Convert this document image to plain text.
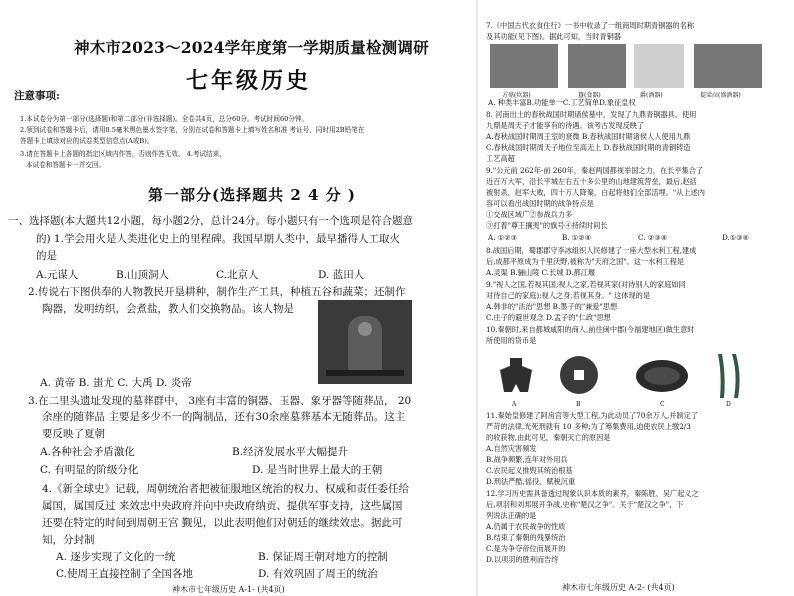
神木市2023～2024学年度第一学期质量检测调研
七年级历史
注意事项:
1.本试卷分为第一部分(选择题)和第二部分(非选择题)。全卷共4页，总分60分。考试时间60分钟。
2.领到试卷和答题卡后，请用0.5毫米黑色墨水签字笔，分别在试卷和答题卡上填写姓名和准 考证号，同时用2B铅笔在
答题卡上填涂对应的试卷类型信息点(A或B)。
3.请在答题卡上各题的指定区域内作答，否则作答无效。 4.考试结束，
本试卷和答题卡一并交回。
第一部分(选择题共 2 4 分 )
一、选择题(本大题共12小题，每小题2分，总计24分。每小题只有一个选项是符合题意
的) 1.学会用火是人类进化史上的里程碑。我国早期人类中，最早播得人工取火
的是
A.元谋人	B.山顶洞人	C.北京人	D. 蓝田人
2.传说右下图供奉的人物教民开垦耕种，制作生产工具，种植五谷和蔬菜；还制作
陶器，发明纺织，会煮盐，教人们交换物品。该人物是
A. 黄帝 B. 蚩尤 C. 大禹 D. 炎帝
3.在二里头遗址发现的墓葬群中， 3座有丰富的铜器、玉器、象牙器等随葬品， 20
余座的随葬品 主要是多少不一的陶制品，还有30余座墓葬基本无随葬品。这主
要反映了夏朝
A.各种社会矛盾激化	B.经济发展水平大幅提升
C. 有明显的阶级分化	D. 是当时世界上最大的王朝
4.《新全球史》记载，周朝统治者把被征服地区统治的权力、权威和责任委任给
属国，属国反过 来效忠中央政府并向中央政府纳贡、提供军事支持，这些属国
还要在特定的时间到周朝王宫 觐见，以此表明他们对朝廷的继续效忠。据此可
知，分封制
A. 逐步实现了文化的一统	B. 保证周王朝对地方的控制
C.使周王直接控制了全国各地	D. 有效巩固了周王的统治
神木市七年级历史 A-1- (共4页)
7.《中国古代衣食住行》一书中收录了一组商周时期青铜器的名称
及其功能(见下图)。据此可知，当时青铜器
方鼎(炊器)	簋(食器)	爵(酒器)	提梁卣(盛酒器)
A. 种类丰富B.功能单一C.工艺简单D.象征皇权
8. 河南出土的春秋战国时期诸侯墓中，发现了九鼎青铜器具，使用
九鼎是周天子才能享有的待遇。该考古发现反映了
A.春秋战国时期周王室的衰微 B.春秋战国时期诸侯人人使用九鼎
C.春秋战国时期周天子地位至高无上 D.春秋战国时期的青铜铸造
工艺高超
9."公元前 262年-前 260年，秦赵两国都视举国之力，在长平集合了
近百万大军，沿长平城左右五十多公里的山地建筑营垒，最后,赵括
被射杀，赵军大败，四十万人降秦，白起将他们全部活埋。"从上述内
容可以看出战国时期的战争特点是
①交战区域广②参战兵力多
③打着"尊王攘夷"的旗号④持续时间长
A. ①②③	B. ①②④	C. ②③④	D.①③④
8.战国后期，蜀郡郡守李冰组织人民修建了一座大型水利工程,建成
后,成都平原成为千里沃野,被称为"天府之国"。这一水利工程是
A.灵渠 B.骊山陵 C.长城 D.都江堰
9."视人之国,若视其国;视人之家,若视其家(对待别人的家庭如同
对待自己的家庭);视人之身,若视其身。" 这体现的是
A.韩非的"法治"思想 B.墨子的"兼爱"思想
C.庄子的避世观念 D.孟子的"仁政"思想
10.秦朝时,来自都城咸阳的商人,前往闽中郡(今福建地区)做生意时
所使用的货币是
A	B	C	D
11.秦始皇修建了阿房宫等大型工程,为此动员了70余万人,并制定了
严苛的法律,光死刑就有 10 多种;为了筹集费用,迫使农民上缴2/3
的收获物,由此可见，秦朝灭亡的原因是
A.自然灾害频发
B.战争频繁,连年对外用兵
C.农民起义推毁其统治根基
D.刑法严酷,徭役、赋税沉重
12.学习历史需具备透过现象认识本质的素养，秦陈胜、吴广起义之
后,项羽和刘邦展开争战,史称"楚汉之争"。关于"楚汉之争"，下
列说法正确的是
A.仍属于农民战争的性质
B.结束了秦朝的残暴统治
C.是为争夺帝位而展开的
D.以项羽的胜利而告终
神木市七年级历史 A-2- (共4页)
